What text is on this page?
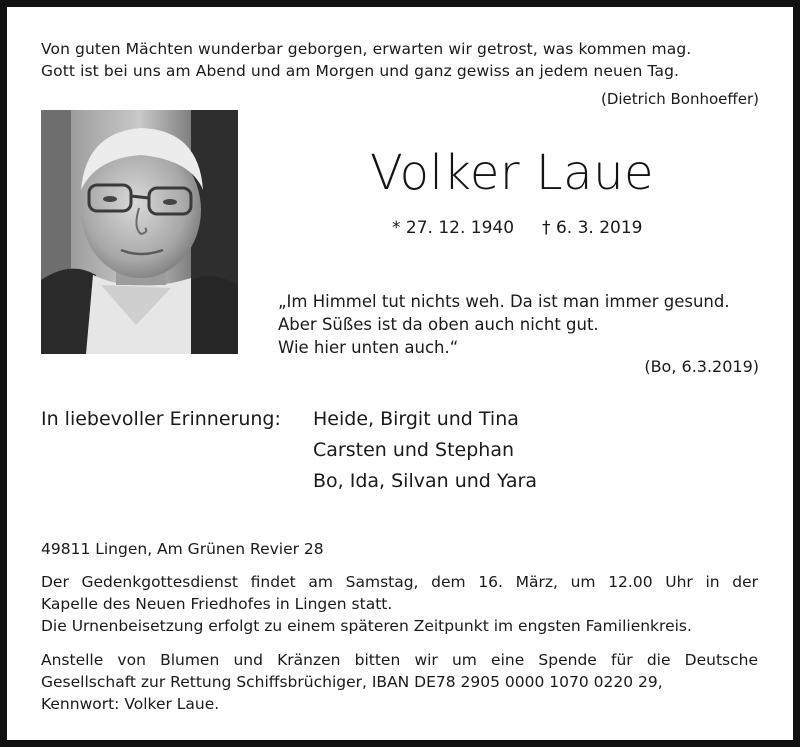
Von guten Mächten wunderbar geborgen, erwarten wir getrost, was kommen mag.
Gott ist bei uns am Abend und am Morgen und ganz gewiss an jedem neuen Tag.
(Dietrich Bonhoeffer)
Volker Laue
* 27. 12. 1940 † 6. 3. 2019
„Im Himmel tut nichts weh. Da ist man immer gesund.
Aber Süßes ist da oben auch nicht gut.
Wie hier unten auch.“
(Bo, 6.3.2019)
In liebevoller Erinnerung: Heide, Birgit und Tina
Carsten und Stephan
Bo, Ida, Silvan und Yara
49811 Lingen, Am Grünen Revier 28
Der Gedenkgottesdienst findet am Samstag, dem 16. März, um 12.00 Uhr in der
Kapelle des Neuen Friedhofes in Lingen statt.
Die Urnenbeisetzung erfolgt zu einem späteren Zeitpunkt im engsten Familienkreis.
Anstelle von Blumen und Kränzen bitten wir um eine Spende für die Deutsche
Gesellschaft zur Rettung Schiffsbrüchiger, IBAN DE78 2905 0000 1070 0220 29,
Kennwort: Volker Laue.
